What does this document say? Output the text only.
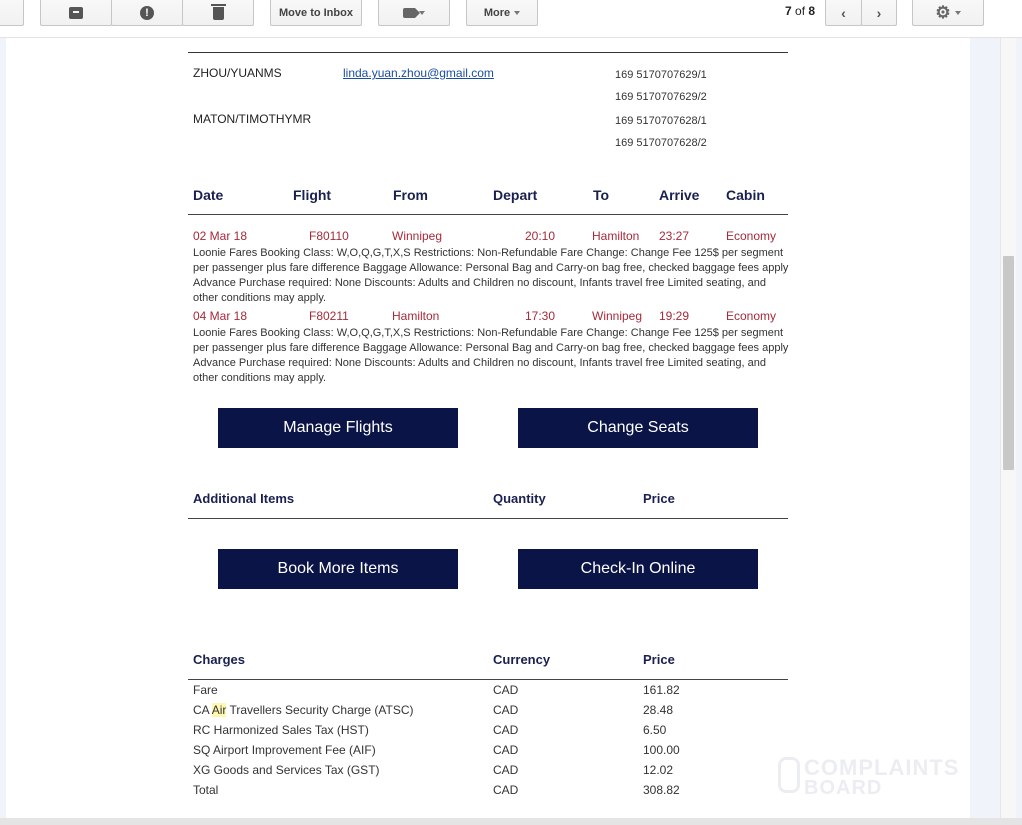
!	Move to Inbox	More	7 of 8 ‹ ›	⚙
ZHOU/YUANMS	linda.yuan.zhou@gmail.com	169 5170707629/1
169 5170707629/2
MATON/TIMOTHYMR	169 5170707628/1
169 5170707628/2
Date	Flight	From	Depart	To	Arrive Cabin
02 Mar 18	F80110	Winnipeg	20:10	Hamilton 23:27	Economy
Loonie Fares Booking Class: W,O,Q,G,T,X,S Restrictions: Non-Refundable Fare Change: Change Fee 125$ per segment per passenger plus fare difference Baggage Allowance: Personal Bag and Carry-on bag free, checked baggage fees apply Advance Purchase required: None Discounts: Adults and Children no discount, Infants travel free Limited seating, and other conditions may apply.
04 Mar 18	F80211	Hamilton	17:30	Winnipeg 19:29	Economy
Loonie Fares Booking Class: W,O,Q,G,T,X,S Restrictions: Non-Refundable Fare Change: Change Fee 125$ per segment per passenger plus fare difference Baggage Allowance: Personal Bag and Carry-on bag free, checked baggage fees apply Advance Purchase required: None Discounts: Adults and Children no discount, Infants travel free Limited seating, and other conditions may apply.
Manage Flights	Change Seats
Additional Items	Quantity	Price
Book More Items	Check-In Online
Charges	Currency	Price
Fare	CAD	161.82
CA Air Travellers Security Charge (ATSC)	CAD	28.48
RC Harmonized Sales Tax (HST)	CAD	6.50
SQ Airport Improvement Fee (AIF)	CAD	100.00
XG Goods and Services Tax (GST)	CAD	12.02
Total	CAD	308.82
COMPLAINTS
BOARD
